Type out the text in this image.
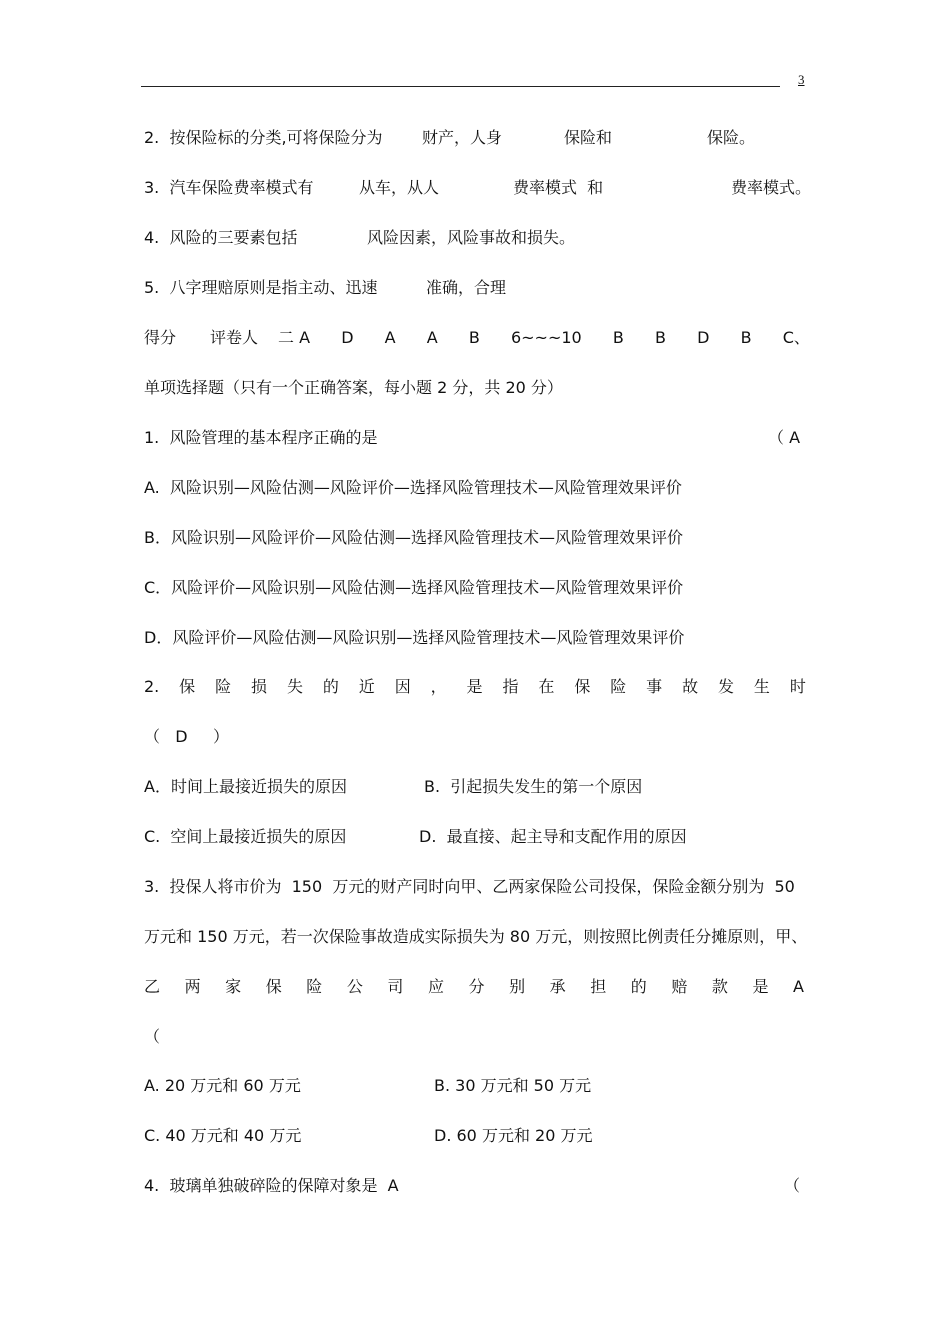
3
2.  按保险标的分类,可将保险分为 财产，人身	保险和	保险。
3.  汽车保险费率模式有	从车，从人	费率模式  和	费率模式。
4.  风险的三要素包括	风险因素，风险事故和损失。
5.  八字理赔原则是指主动、迅速	准确，合理
得分 评卷人 二 A D A A B 6~~~10 B B D B C、
单项选择题（只有一个正确答案，每小题 2 分，共 20 分）
1.  风险管理的基本程序正确的是	（ A
A.  风险识别—风险估测—风险评价—选择风险管理技术—风险管理效果评价
B．风险识别—风险评价—风险估测—选择风险管理技术—风险管理效果评价
C．风险评价—风险识别—风险估测—选择风险管理技术—风险管理效果评价
D．风险评价—风险估测—风险识别—选择风险管理技术—风险管理效果评价
2. 保 险 损 失 的 近 因 ， 是 指 在 保 险 事 故 发 生 时
（   D     ）
A．时间上最接近损失的原因	B.  引起损失发生的第一个原因
C.  空间上最接近损失的原因	D.  最直接、起主导和支配作用的原因
3.  投保人将市价为  150  万元的财产同时向甲、乙两家保险公司投保，保险金额分别为  50
万元和 150 万元，若一次保险事故造成实际损失为 80 万元，则按照比例责任分摊原则，甲、
乙 两 家 保 险 公 司 应 分 别 承 担 的 赔 款 是 A
（
A. 20 万元和 60 万元	B. 30 万元和 50 万元
C. 40 万元和 40 万元	D. 60 万元和 20 万元
4.  玻璃单独破碎险的保障对象是  A	（
